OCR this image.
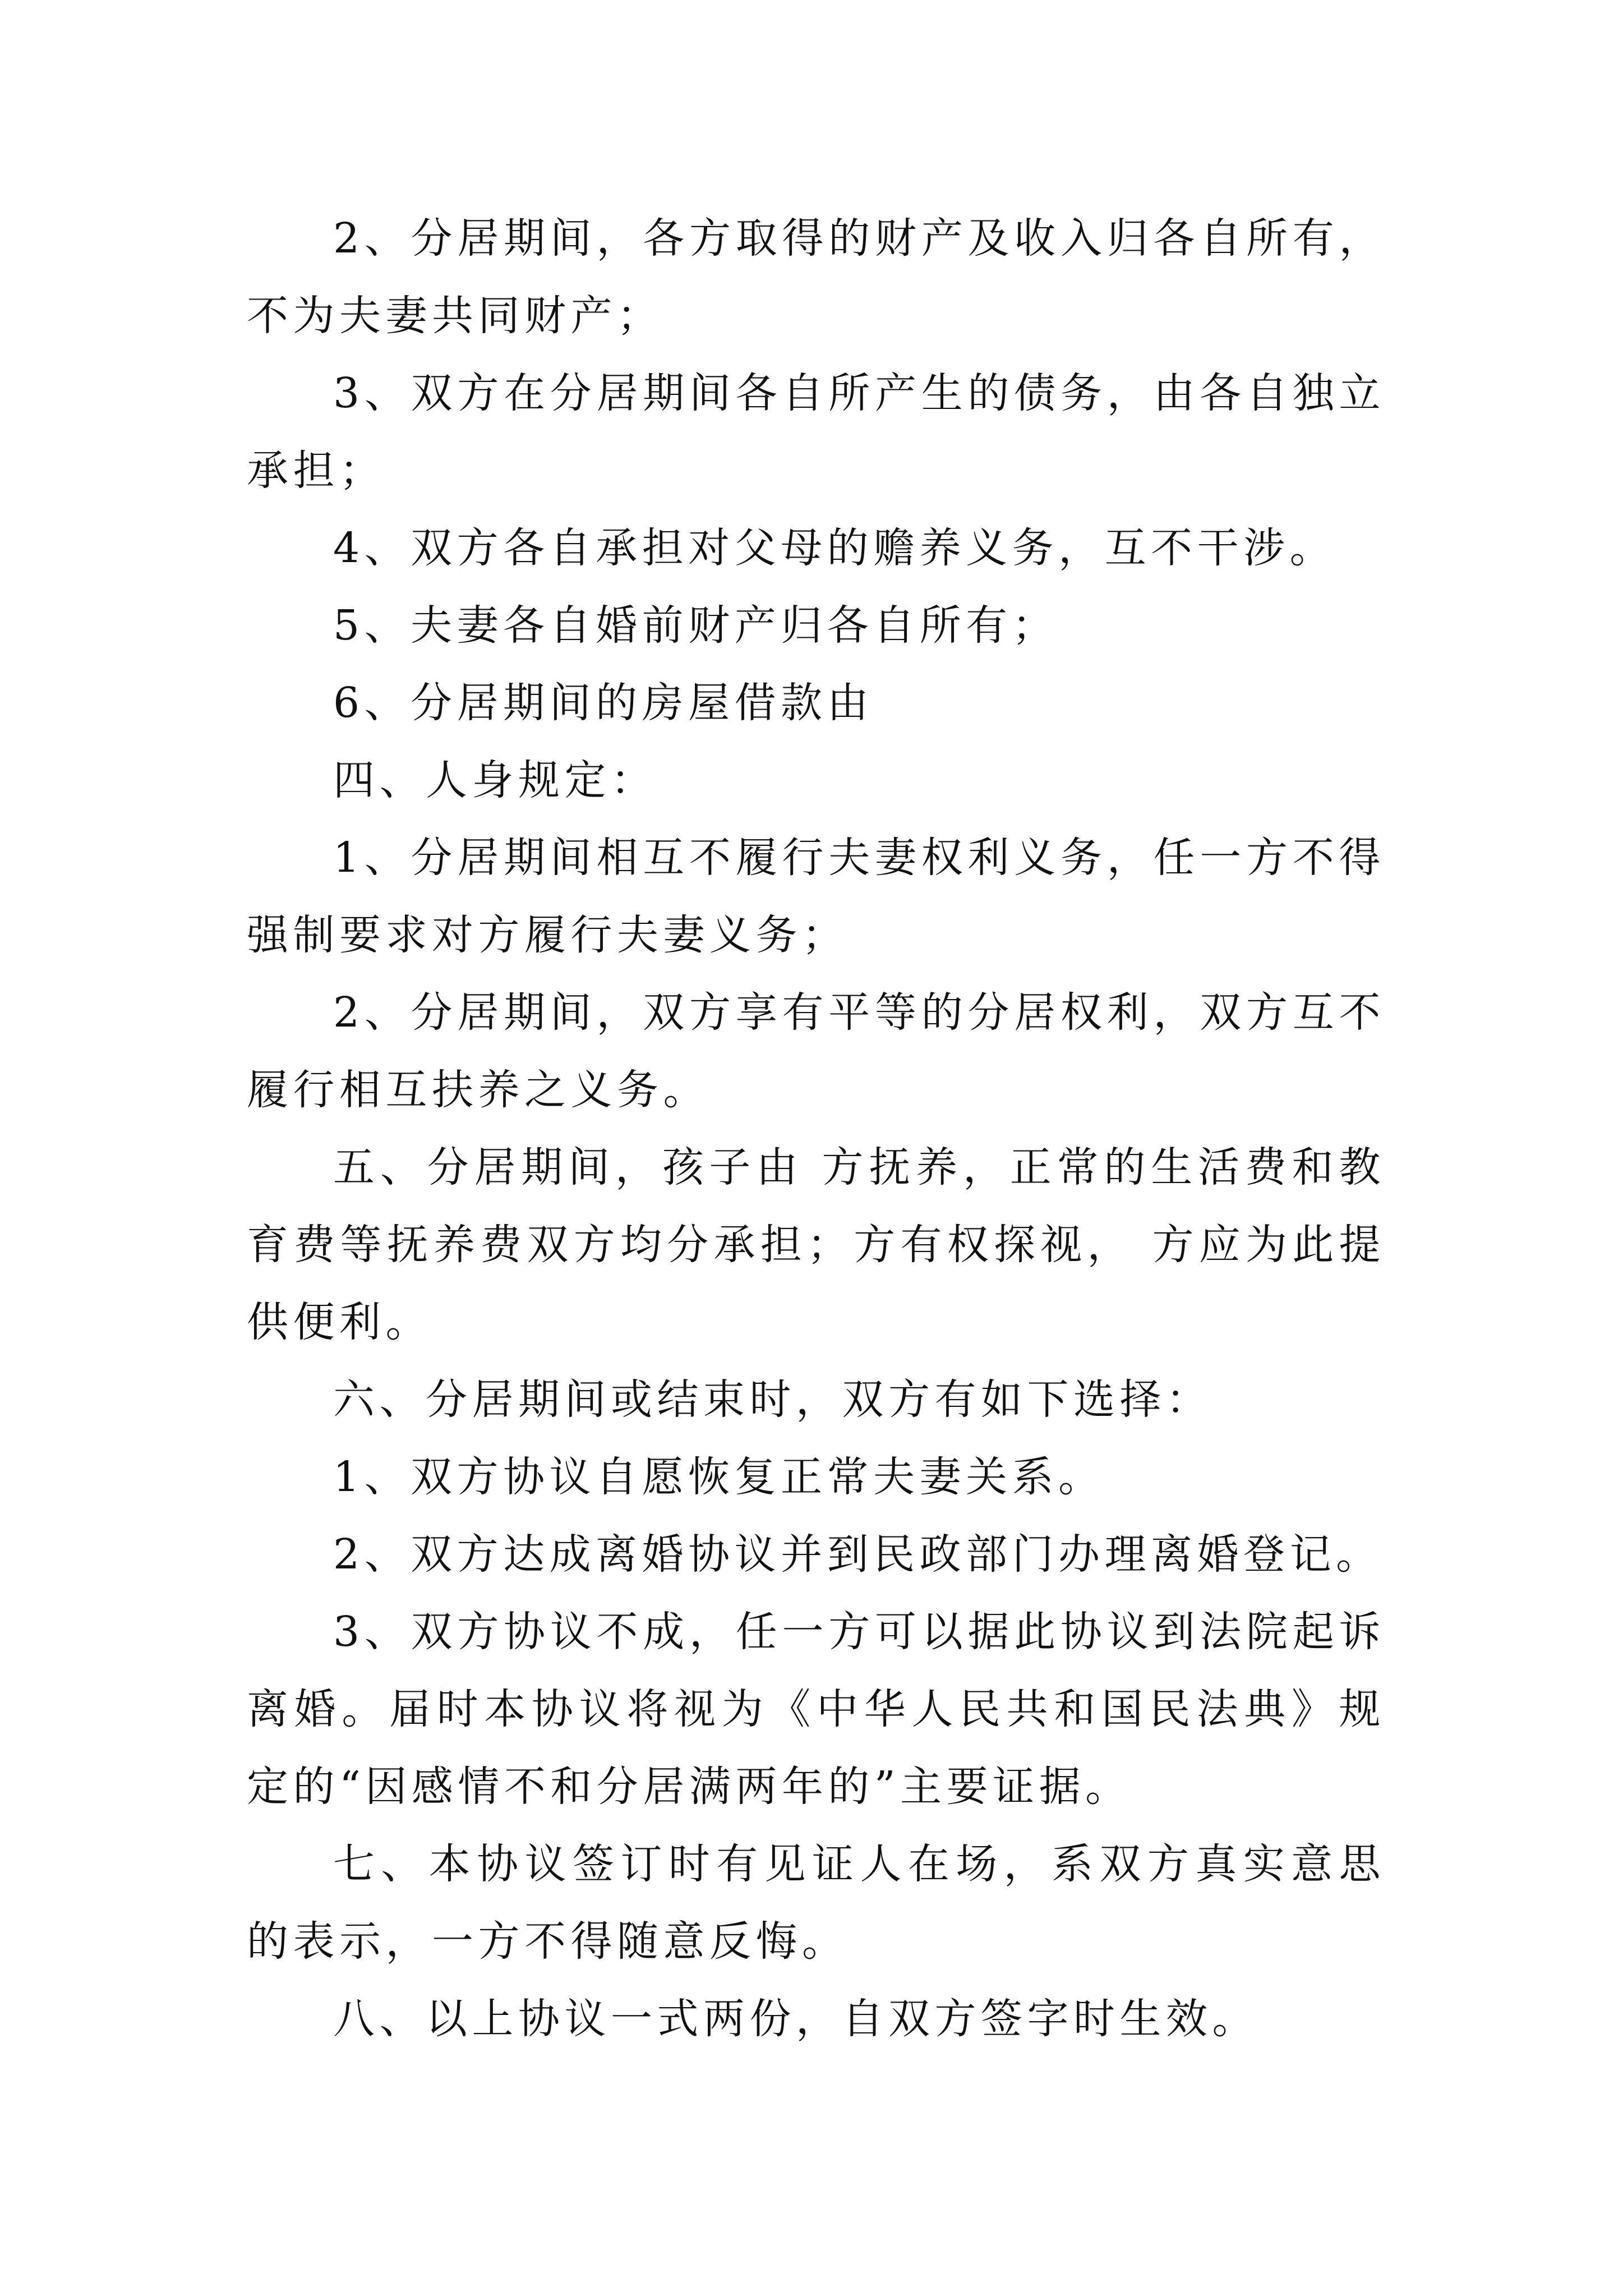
2、分居期间，各方取得的财产及收入归各自所有，不为夫妻共同财产；

3、双方在分居期间各自所产生的债务，由各自独立承担；

4、双方各自承担对父母的赡养义务，互不干涉。

5、夫妻各自婚前财产归各自所有；

6、分居期间的房屋借款由

四、人身规定：

1、分居期间相互不履行夫妻权利义务，任一方不得强制要求对方履行夫妻义务；

2、分居期间，双方享有平等的分居权利，双方互不履行相互扶养之义务。

五、分居期间，孩子由 方抚养，正常的生活费和教育费等抚养费双方均分承担；方有权探视， 方应为此提供便利。

六、分居期间或结束时，双方有如下选择：

1、双方协议自愿恢复正常夫妻关系。

2、双方达成离婚协议并到民政部门办理离婚登记。

3、双方协议不成，任一方可以据此协议到法院起诉离婚。届时本协议将视为《中华人民共和国民法典》规定的“因感情不和分居满两年的”主要证据。

七、本协议签订时有见证人在场，系双方真实意思的表示，一方不得随意反悔。

八、以上协议一式两份，自双方签字时生效。
